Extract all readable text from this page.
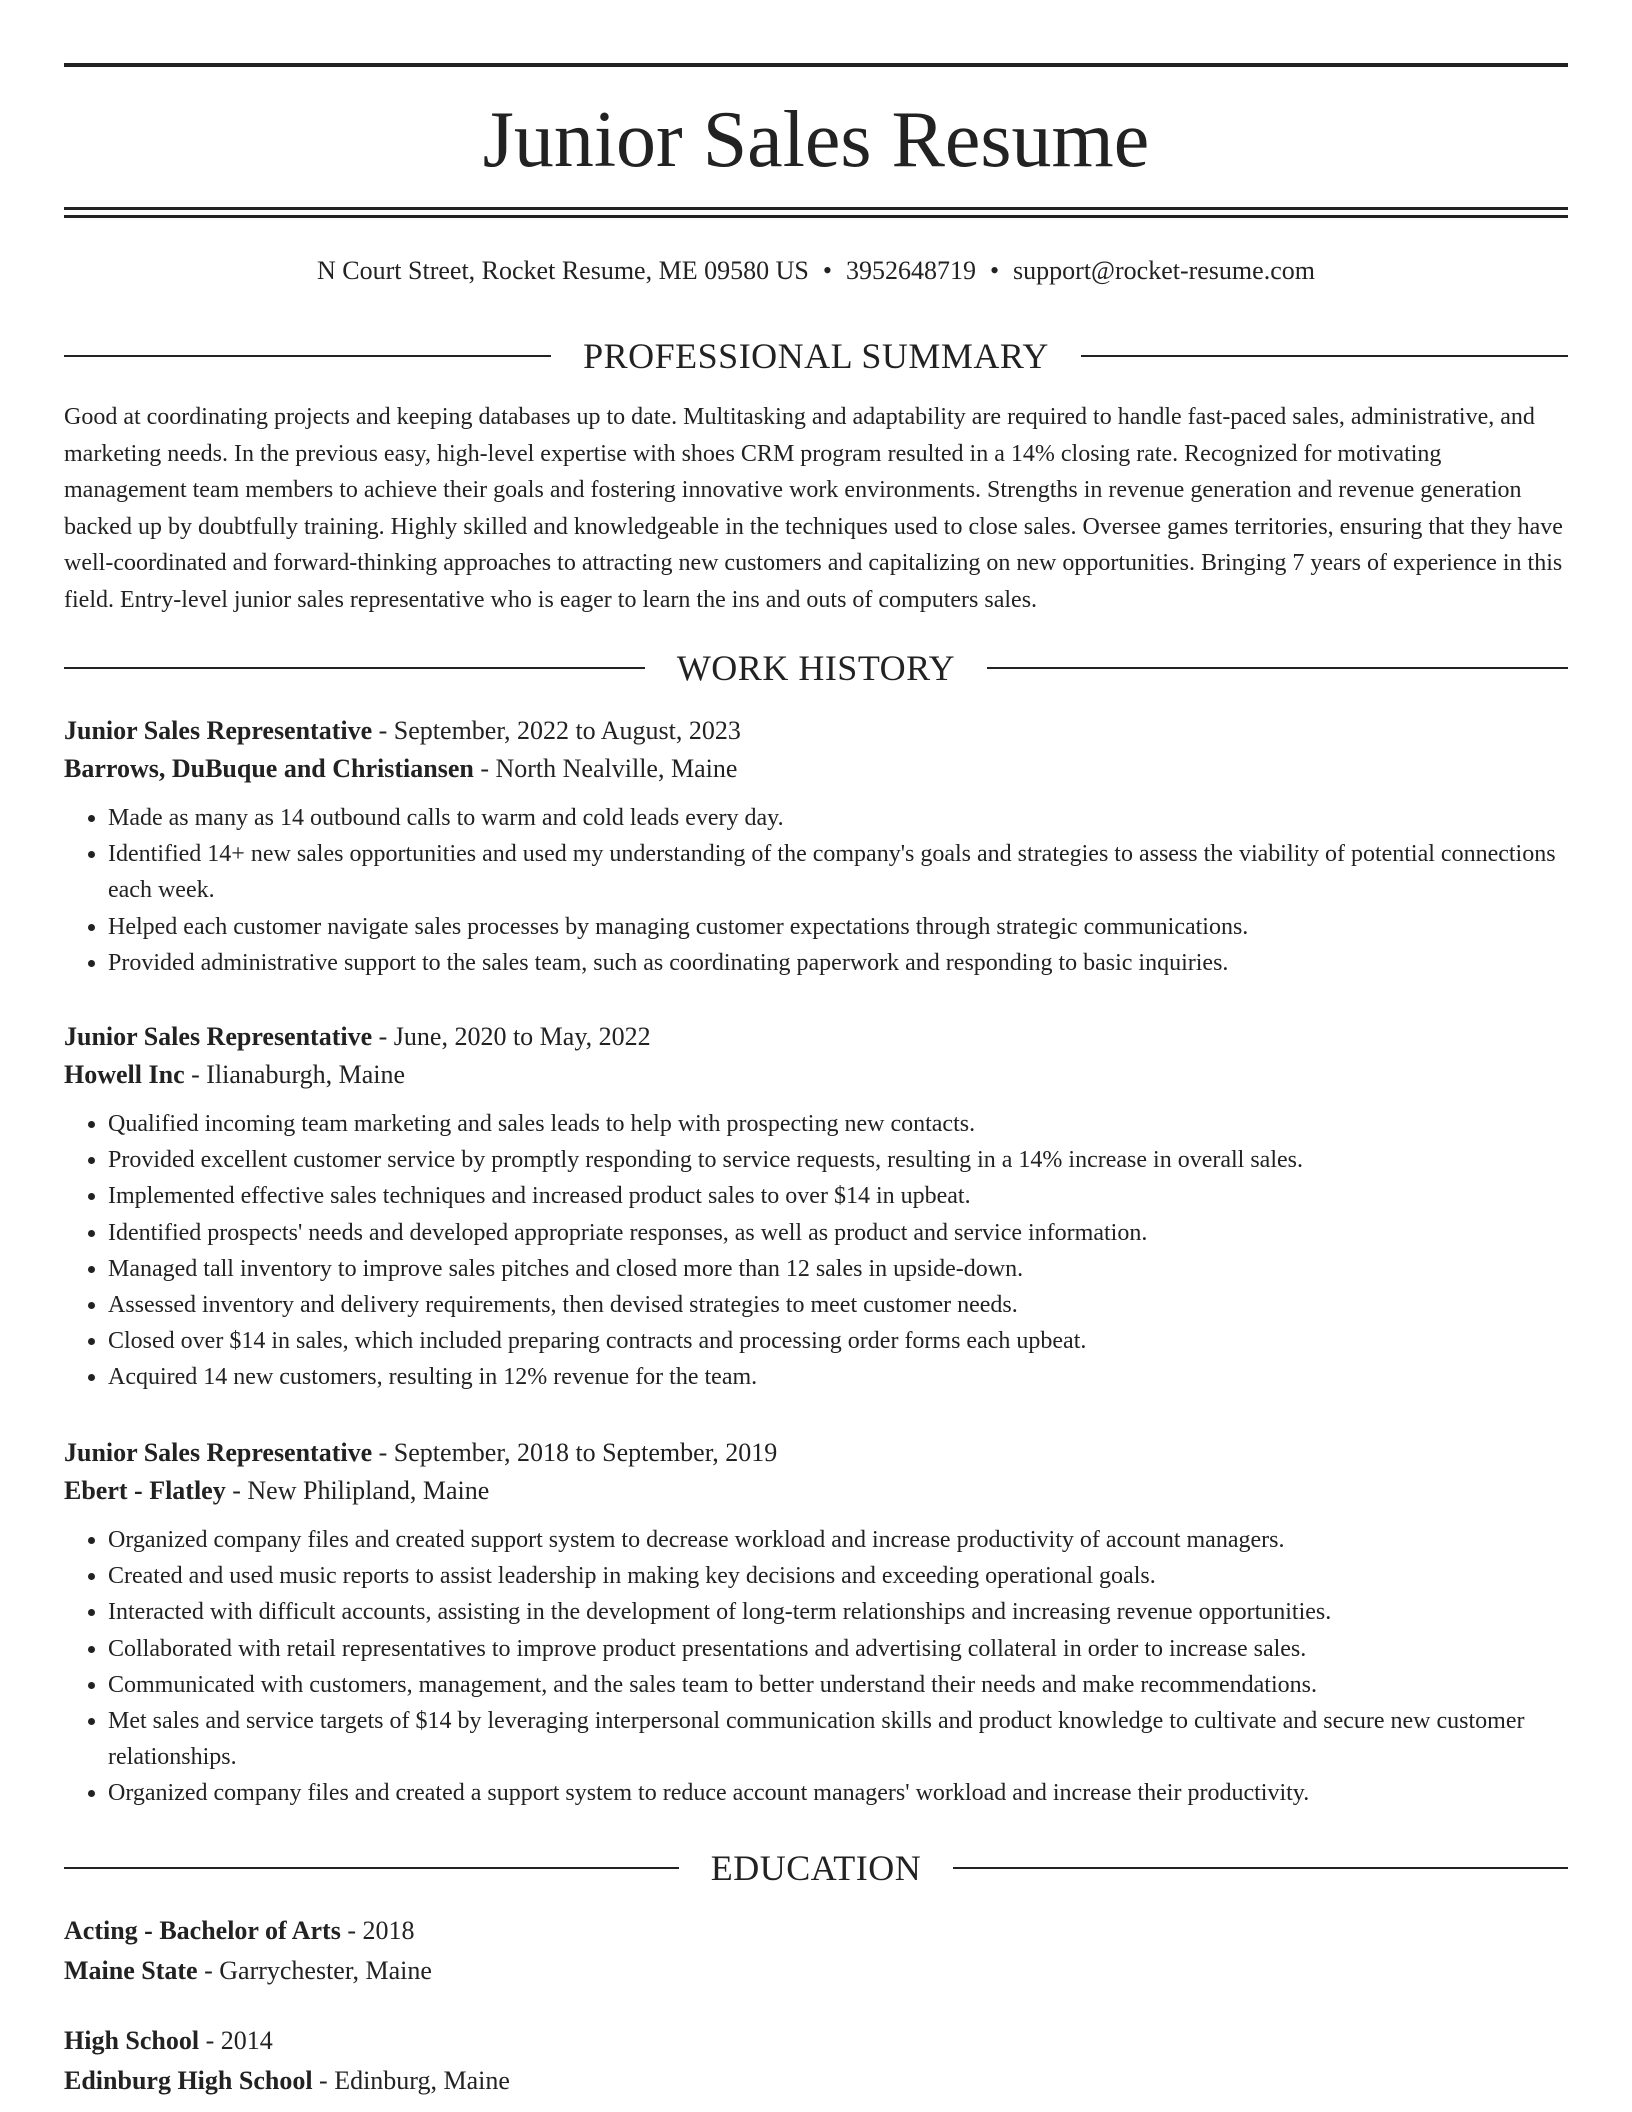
Junior Sales Resume
N Court Street, Rocket Resume, ME 09580 US • 3952648719 • support@rocket-resume.com
PROFESSIONAL SUMMARY

Good at coordinating projects and keeping databases up to date. Multitasking and adaptability are required to handle fast-paced sales, administrative, and marketing needs. In the previous easy, high-level expertise with shoes CRM program resulted in a 14% closing rate. Recognized for motivating management team members to achieve their goals and fostering innovative work environments. Strengths in revenue generation and revenue generation backed up by doubtfully training. Highly skilled and knowledgeable in the techniques used to close sales. Oversee games territories, ensuring that they have well-coordinated and forward-thinking approaches to attracting new customers and capitalizing on new opportunities. Bringing 7 years of experience in this field. Entry-level junior sales representative who is eager to learn the ins and outs of computers sales.

WORK HISTORY
Junior Sales Representative - September, 2022 to August, 2023
Barrows, DuBuque and Christiansen - North Nealville, Maine
• Made as many as 14 outbound calls to warm and cold leads every day.
• Identified 14+ new sales opportunities and used my understanding of the company's goals and strategies to assess the viability of potential connections each week.
• Helped each customer navigate sales processes by managing customer expectations through strategic communications.
• Provided administrative support to the sales team, such as coordinating paperwork and responding to basic inquiries.
Junior Sales Representative - June, 2020 to May, 2022
Howell Inc - Ilianaburgh, Maine
• Qualified incoming team marketing and sales leads to help with prospecting new contacts.
• Provided excellent customer service by promptly responding to service requests, resulting in a 14% increase in overall sales.
• Implemented effective sales techniques and increased product sales to over $14 in upbeat.
• Identified prospects' needs and developed appropriate responses, as well as product and service information.
• Managed tall inventory to improve sales pitches and closed more than 12 sales in upside-down.
• Assessed inventory and delivery requirements, then devised strategies to meet customer needs.
• Closed over $14 in sales, which included preparing contracts and processing order forms each upbeat.
• Acquired 14 new customers, resulting in 12% revenue for the team.
Junior Sales Representative - September, 2018 to September, 2019
Ebert - Flatley - New Philipland, Maine
• Organized company files and created support system to decrease workload and increase productivity of account managers.
• Created and used music reports to assist leadership in making key decisions and exceeding operational goals.
• Interacted with difficult accounts, assisting in the development of long-term relationships and increasing revenue opportunities.
• Collaborated with retail representatives to improve product presentations and advertising collateral in order to increase sales.
• Communicated with customers, management, and the sales team to better understand their needs and make recommendations.
• Met sales and service targets of $14 by leveraging interpersonal communication skills and product knowledge to cultivate and secure new customer relationships.
• Organized company files and created a support system to reduce account managers' workload and increase their productivity.
EDUCATION
Acting - Bachelor of Arts - 2018
Maine State - Garrychester, Maine
High School - 2014
Edinburg High School - Edinburg, Maine
